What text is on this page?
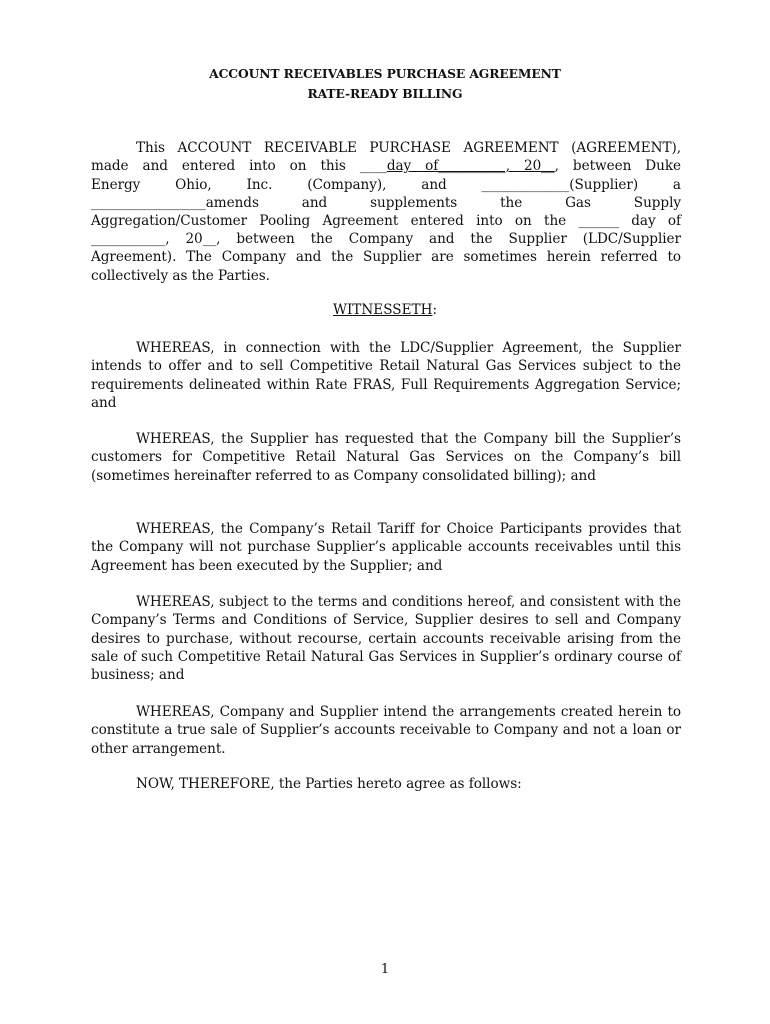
ACCOUNT RECEIVABLES PURCHASE AGREEMENT
RATE-READY BILLING
This ACCOUNT RECEIVABLE PURCHASE AGREEMENT (AGREEMENT),
made and entered into on this ____day of__________, 20__, between Duke
Energy Ohio, Inc. (Company), and _____________(Supplier) a
_________________amends and supplements the Gas Supply
Aggregation/Customer Pooling Agreement entered into on the ______ day of
___________, 20__, between the Company and the Supplier (LDC/Supplier
Agreement). The Company and the Supplier are sometimes herein referred to
collectively as the Parties.
WITNESSETH:

WHEREAS, in connection with the LDC/Supplier Agreement, the Supplier intends to offer and to sell Competitive Retail Natural Gas Services subject to the requirements delineated within Rate FRAS, Full Requirements Aggregation Service; and

WHEREAS, the Supplier has requested that the Company bill the Supplier’s customers for Competitive Retail Natural Gas Services on the Company’s bill (sometimes hereinafter referred to as Company consolidated billing); and

WHEREAS, the Company’s Retail Tariff for Choice Participants provides that the Company will not purchase Supplier’s applicable accounts receivables until this Agreement has been executed by the Supplier; and

WHEREAS, subject to the terms and conditions hereof, and consistent with the Company’s Terms and Conditions of Service, Supplier desires to sell and Company desires to purchase, without recourse, certain accounts receivable arising from the sale of such Competitive Retail Natural Gas Services in Supplier’s ordinary course of business; and

WHEREAS, Company and Supplier intend the arrangements created herein to constitute a true sale of Supplier’s accounts receivable to Company and not a loan or other arrangement.

NOW, THEREFORE, the Parties hereto agree as follows:
1
